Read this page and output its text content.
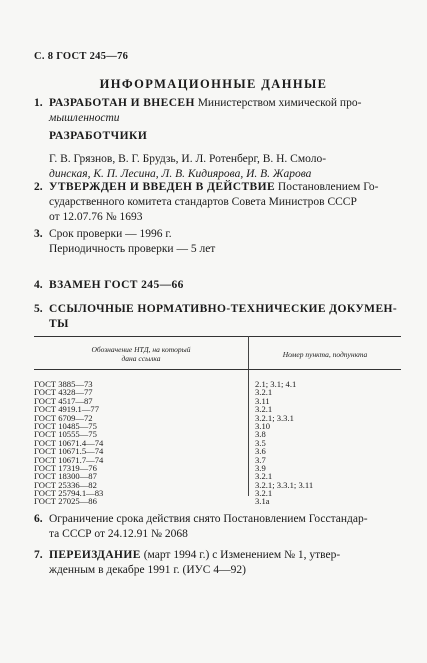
С. 8 ГОСТ 245—76
ИНФОРМАЦИОННЫЕ ДАННЫЕ
1. РАЗРАБОТАН И ВНЕСЕН Министерством химической про-
мышленности
РАЗРАБОТЧИКИ
Г. В. Грязнов, В. Г. Брудзь, И. Л. Ротенберг, В. Н. Смоло-
динская, К. П. Лесина, Л. В. Кидиярова, И. В. Жарова
2. УТВЕРЖДЕН И ВВЕДЕН В ДЕЙСТВИЕ Постановлением Го-
сударственного комитета стандартов Совета Министров СССР
от 12.07.76 № 1693
3. Срок проверки — 1996 г.
Периодичность проверки — 5 лет
4. ВЗАМЕН ГОСТ 245—66
5. ССЫЛОЧНЫЕ НОРМАТИВНО-ТЕХНИЧЕСКИЕ ДОКУМЕН-
ТЫ
Обозначение НТД, на который
дана ссылка	Номер пункта, подпункта
ГОСТ 3885—73	2.1; 3.1; 4.1
ГОСТ 4328—77	3.2.1
ГОСТ 4517—87	3.11
ГОСТ 4919.1—77	3.2.1
ГОСТ 6709—72	3.2.1; 3.3.1
ГОСТ 10485—75	3.10
ГОСТ 10555—75	3.8
ГОСТ 10671.4—74	3.5
ГОСТ 10671.5—74	3.6
ГОСТ 10671.7—74	3.7
ГОСТ 17319—76	3.9
ГОСТ 18300—87	3.2.1
ГОСТ 25336—82	3.2.1; 3.3.1; 3.11
ГОСТ 25794.1—83	3.2.1
ГОСТ 27025—86	3.1a
6. Ограничение срока действия снято Постановлением Госстандар-
та СССР от 24.12.91 № 2068
7. ПЕРЕИЗДАНИЕ (март 1994 г.) с Изменением № 1, утвер-
жденным в декабре 1991 г. (ИУС 4—92)
